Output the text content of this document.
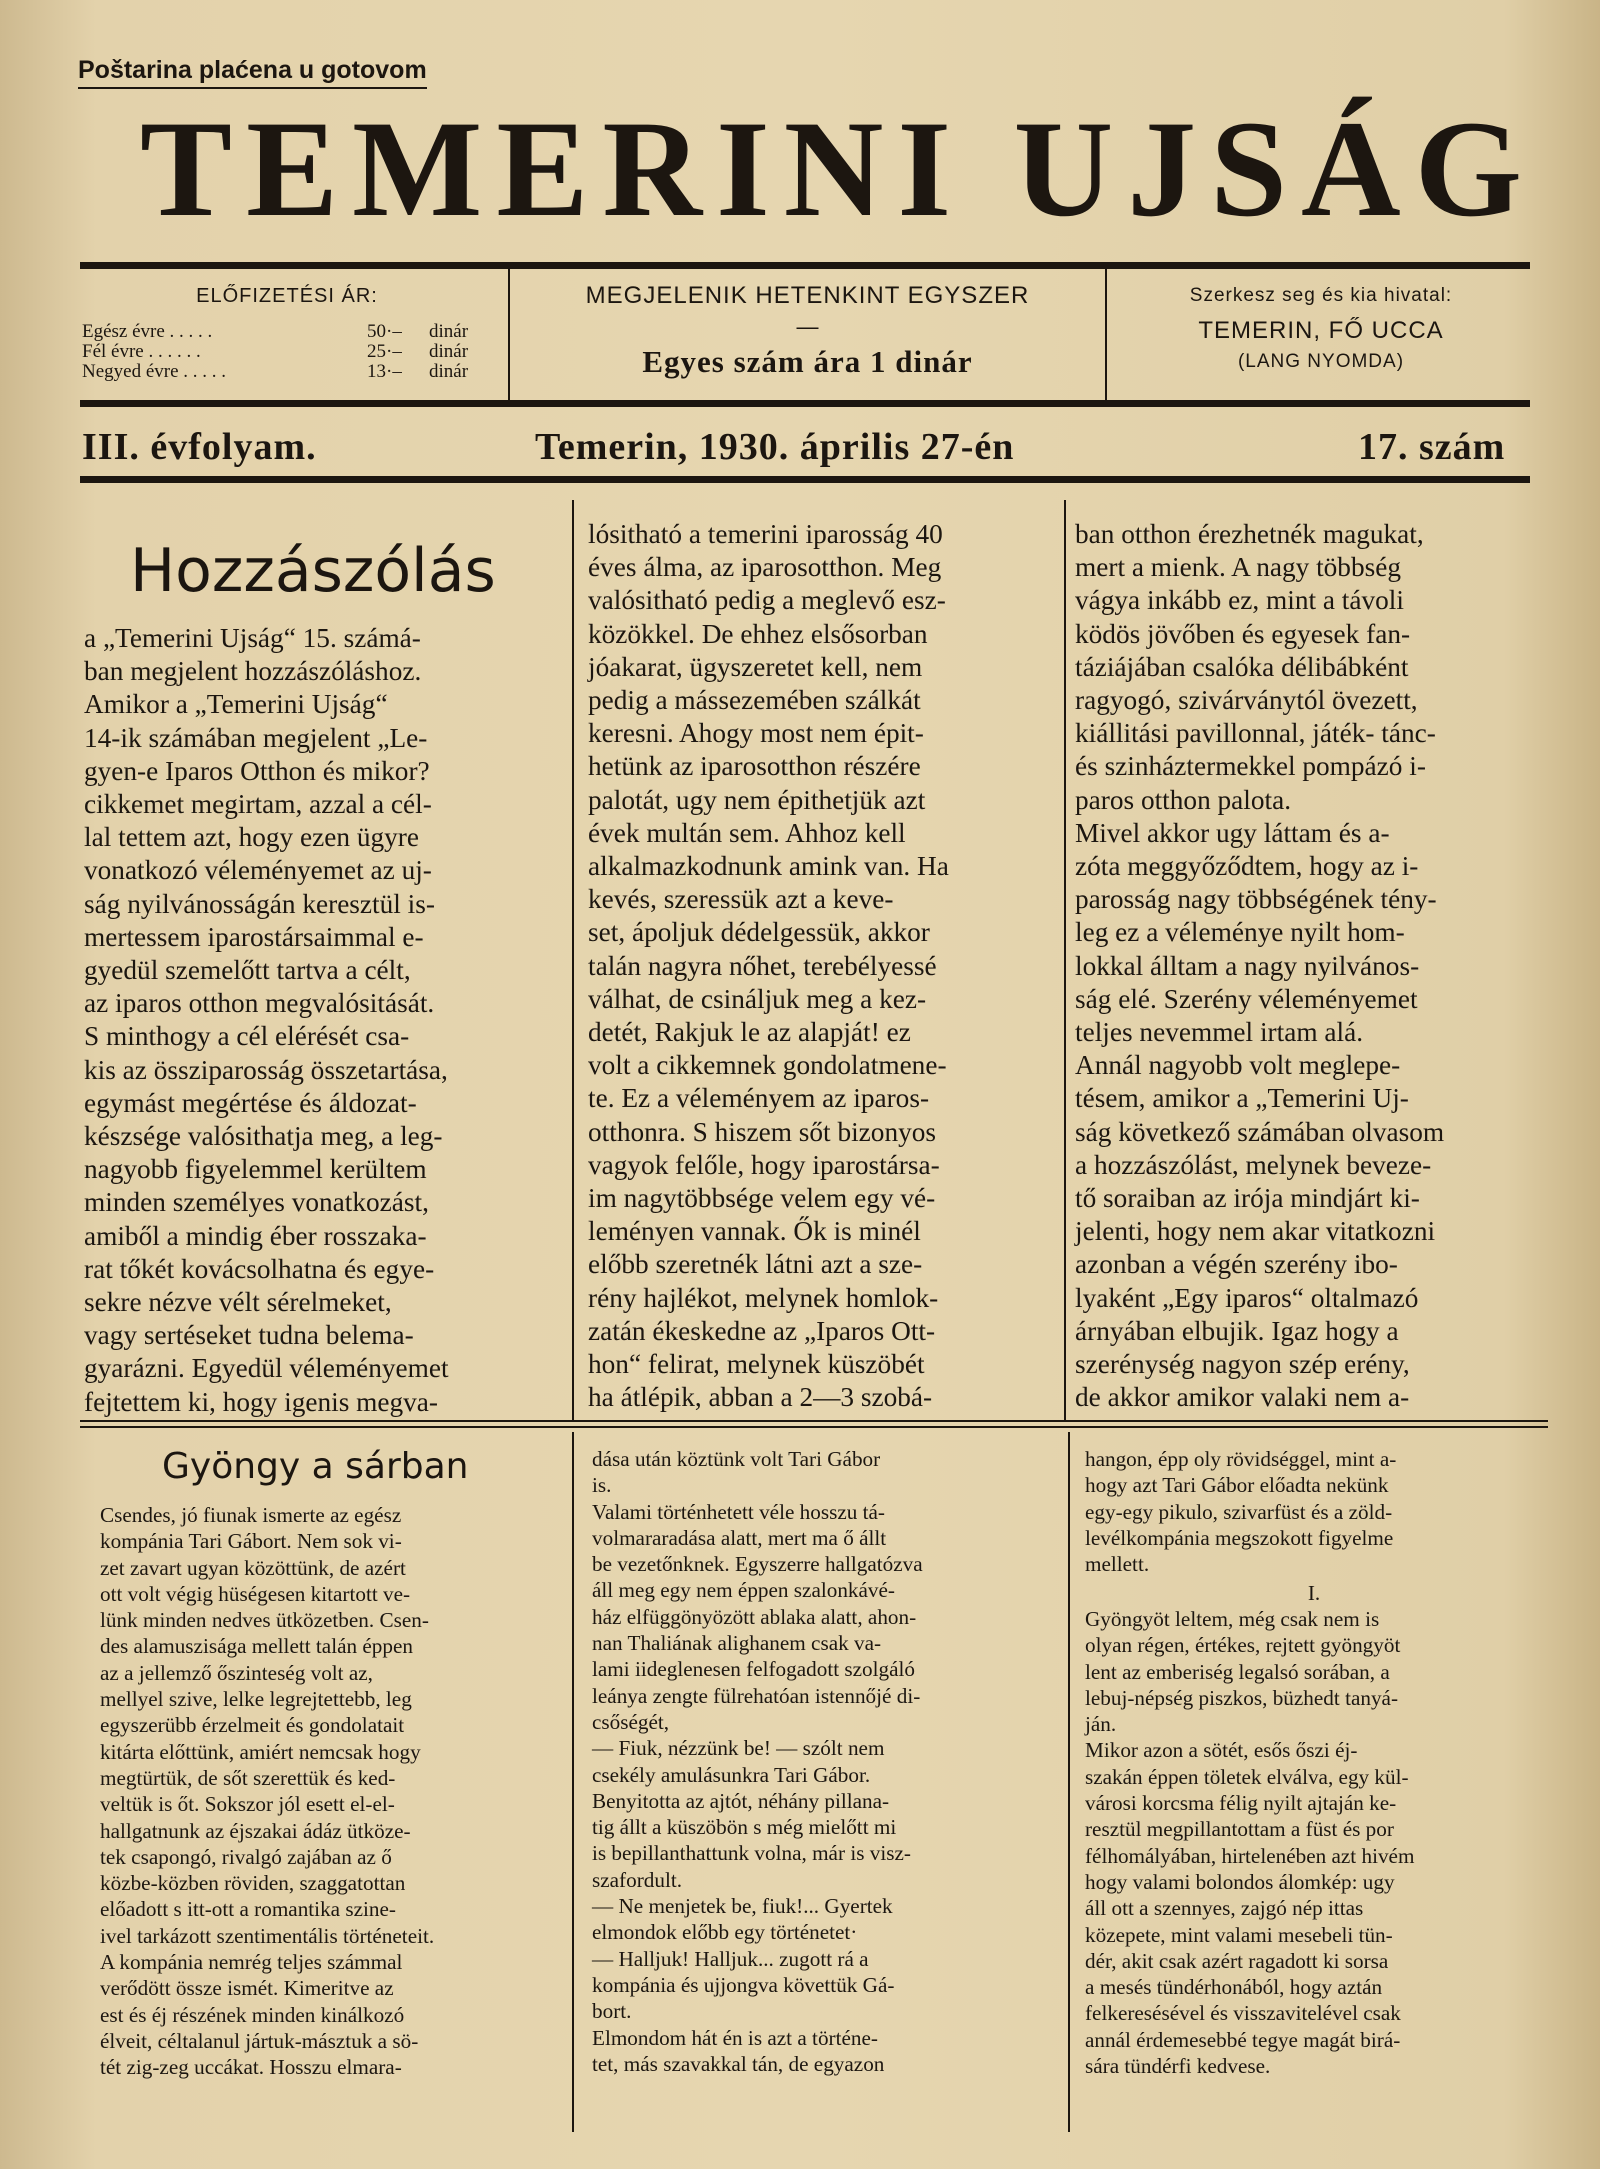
Poštarina plaćena u gotovom
TEMERINI UJSÁG
ELŐFIZETÉSI ÁR:
Egész évre . . . . .	50·–	dinár
Fél évre . . . . . .	25·–	dinár
Negyed évre . . . . .	13·–	dinár
MEGJELENIK HETENKINT EGYSZER
—
Egyes szám ára 1 dinár
Szerkesz seg és kia hivatal:
TEMERIN, FŐ UCCA
(LANG NYOMDA)
III. évfolyam.	Temerin, 1930. április 27-én	17. szám
Hozzászólás
a „Temerini Ujság“ 15. számá-
ban megjelent hozzászóláshoz.
Amikor a „Temerini Ujság“
14-ik számában megjelent „Le-
gyen-e Iparos Otthon és mikor?
cikkemet megirtam, azzal a cél-
lal tettem azt, hogy ezen ügyre
vonatkozó véleményemet az uj-
ság nyilvánosságán keresztül is-
mertessem iparostársaimmal e-
gyedül szemelőtt tartva a célt,
az iparos otthon megvalósitását.
S minthogy a cél elérését csa-
kis az össziparosság összetartása,
egymást megértése és áldozat-
készsége valósithatja meg, a leg-
nagyobb figyelemmel kerültem
minden személyes vonatkozást,
amiből a mindig éber rosszaka-
rat tőkét kovácsolhatna és egye-
sekre nézve vélt sérelmeket,
vagy sertéseket tudna belema-
gyarázni. Egyedül véleményemet
fejtettem ki, hogy igenis megva-
lósitható a temerini iparosság 40
éves álma, az iparosotthon. Meg
valósitható pedig a meglevő esz-
közökkel. De ehhez elsősorban
jóakarat, ügyszeretet kell, nem
pedig a mássezemében szálkát
keresni. Ahogy most nem épit-
hetünk az iparosotthon részére
palotát, ugy nem épithetjük azt
évek multán sem. Ahhoz kell
alkalmazkodnunk amink van. Ha
kevés, szeressük azt a keve-
set, ápoljuk dédelgessük, akkor
talán nagyra nőhet, terebélyessé
válhat, de csináljuk meg a kez-
detét, Rakjuk le az alapját! ez
volt a cikkemnek gondolatmene-
te. Ez a véleményem az iparos-
otthonra. S hiszem sőt bizonyos
vagyok felőle, hogy iparostársa-
im nagytöbbsége velem egy vé-
leményen vannak. Ők is minél
előbb szeretnék látni azt a sze-
rény hajlékot, melynek homlok-
zatán ékeskedne az „Iparos Ott-
hon“ felirat, melynek küszöbét
ha átlépik, abban a 2—3 szobá-
ban otthon érezhetnék magukat,
mert a mienk. A nagy többség
vágya inkább ez, mint a távoli
ködös jövőben és egyesek fan-
táziájában csalóka délibábként
ragyogó, szivárványtól övezett,
kiállitási pavillonnal, játék- tánc-
és szinháztermekkel pompázó i-
paros otthon palota.
Mivel akkor ugy láttam és a-
zóta meggyőződtem, hogy az i-
parosság nagy többségének tény-
leg ez a véleménye nyilt hom-
lokkal álltam a nagy nyilvános-
ság elé. Szerény véleményemet
teljes nevemmel irtam alá.
Annál nagyobb volt meglepe-
tésem, amikor a „Temerini Uj-
ság következő számában olvasom
a hozzászólást, melynek beveze-
tő soraiban az irója mindjárt ki-
jelenti, hogy nem akar vitatkozni
azonban a végén szerény ibo-
lyaként „Egy iparos“ oltalmazó
árnyában elbujik. Igaz hogy a
szerénység nagyon szép erény,
de akkor amikor valaki nem a-
Gyöngy a sárban
Csendes, jó fiunak ismerte az egész
kompánia Tari Gábort. Nem sok vi-
zet zavart ugyan közöttünk, de azért
ott volt végig hüségesen kitartott ve-
lünk minden nedves ütközetben. Csen-
des alamuszisága mellett talán éppen
az a jellemző őszinteség volt az,
mellyel szive, lelke legrejtettebb, leg
egyszerübb érzelmeit és gondolatait
kitárta előttünk, amiért nemcsak hogy
megtürtük, de sőt szerettük és ked-
veltük is őt. Sokszor jól esett el-el-
hallgatnunk az éjszakai ádáz ütköze-
tek csapongó, rivalgó zajában az ő
közbe-közben röviden, szaggatottan
előadott s itt-ott a romantika szine-
ivel tarkázott szentimentális történeteit.
A kompánia nemrég teljes számmal
verődött össze ismét. Kimeritve az
est és éj részének minden kinálkozó
élveit, céltalanul jártuk-másztuk a sö-
tét zig-zeg uccákat. Hosszu elmara-
dása után köztünk volt Tari Gábor
is.
Valami történhetett véle hosszu tá-
volmararadása alatt, mert ma ő állt
be vezetőnknek. Egyszerre hallgatózva
áll meg egy nem éppen szalonkávé-
ház elfüggönyözött ablaka alatt, ahon-
nan Thaliának alighanem csak va-
lami iideglenesen felfogadott szolgáló
leánya zengte fülrehatóan istennőjé di-
csőségét,
— Fiuk, nézzünk be! — szólt nem
csekély amulásunkra Tari Gábor.
Benyitotta az ajtót, néhány pillana-
tig állt a küszöbön s még mielőtt mi
is bepillanthattunk volna, már is visz-
szafordult.
— Ne menjetek be, fiuk!... Gyertek
elmondok előbb egy történetet·
— Halljuk! Halljuk... zugott rá a
kompánia és ujjongva követtük Gá-
bort.
Elmondom hát én is azt a történe-
tet, más szavakkal tán, de egyazon
hangon, épp oly rövidséggel, mint a-
hogy azt Tari Gábor előadta nekünk
egy-egy pikulo, szivarfüst és a zöld-
levélkompánia megszokott figyelme
mellett.
I.
Gyöngyöt leltem, még csak nem is
olyan régen, értékes, rejtett gyöngyöt
lent az emberiség legalsó sorában, a
lebuj-népség piszkos, büzhedt tanyá-
ján.
Mikor azon a sötét, esős őszi éj-
szakán éppen töletek elválva, egy kül-
városi korcsma félig nyilt ajtaján ke-
resztül megpillantottam a füst és por
félhomályában, hirtelenében azt hivém
hogy valami bolondos álomkép: ugy
áll ott a szennyes, zajgó nép ittas
közepete, mint valami mesebeli tün-
dér, akit csak azért ragadott ki sorsa
a mesés tündérhonából, hogy aztán
felkeresésével és visszavitelével csak
annál érdemesebbé tegye magát birá-
sára tündérfi kedvese.
